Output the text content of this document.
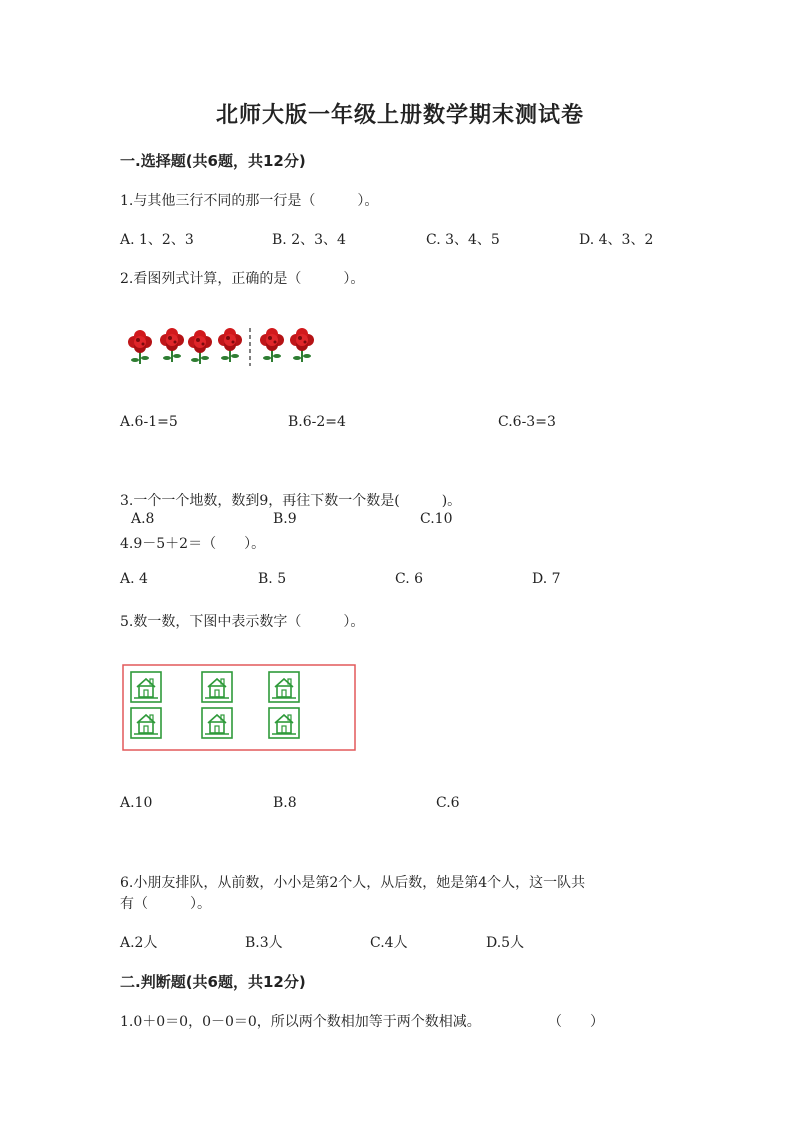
北师大版一年级上册数学期末测试卷
一.选择题(共6题，共12分)
1.与其他三行不同的那一行是（　　　）。
A. 1、2、3	B. 2、3、4	C. 3、4、5	D. 4、3、2
2.看图列式计算，正确的是（　　　）。
A.6-1=5	B.6-2=4	C.6-3=3
3.一个一个地数，数到9，再往下数一个数是(　　　)。
A.8	B.9	C.10
4.9－5＋2＝（　　）。
A. 4	B. 5	C. 6	D. 7
5.数一数，下图中表示数字（　　　）。
A.10	B.8	C.6
6.小朋友排队，从前数，小小是第2个人，从后数，她是第4个人，这一队共
有（　　　）。
A.2人	B.3人	C.4人	D.5人
二.判断题(共6题，共12分)
1.0＋0＝0，0－0＝0，所以两个数相加等于两个数相减。	（　　）
